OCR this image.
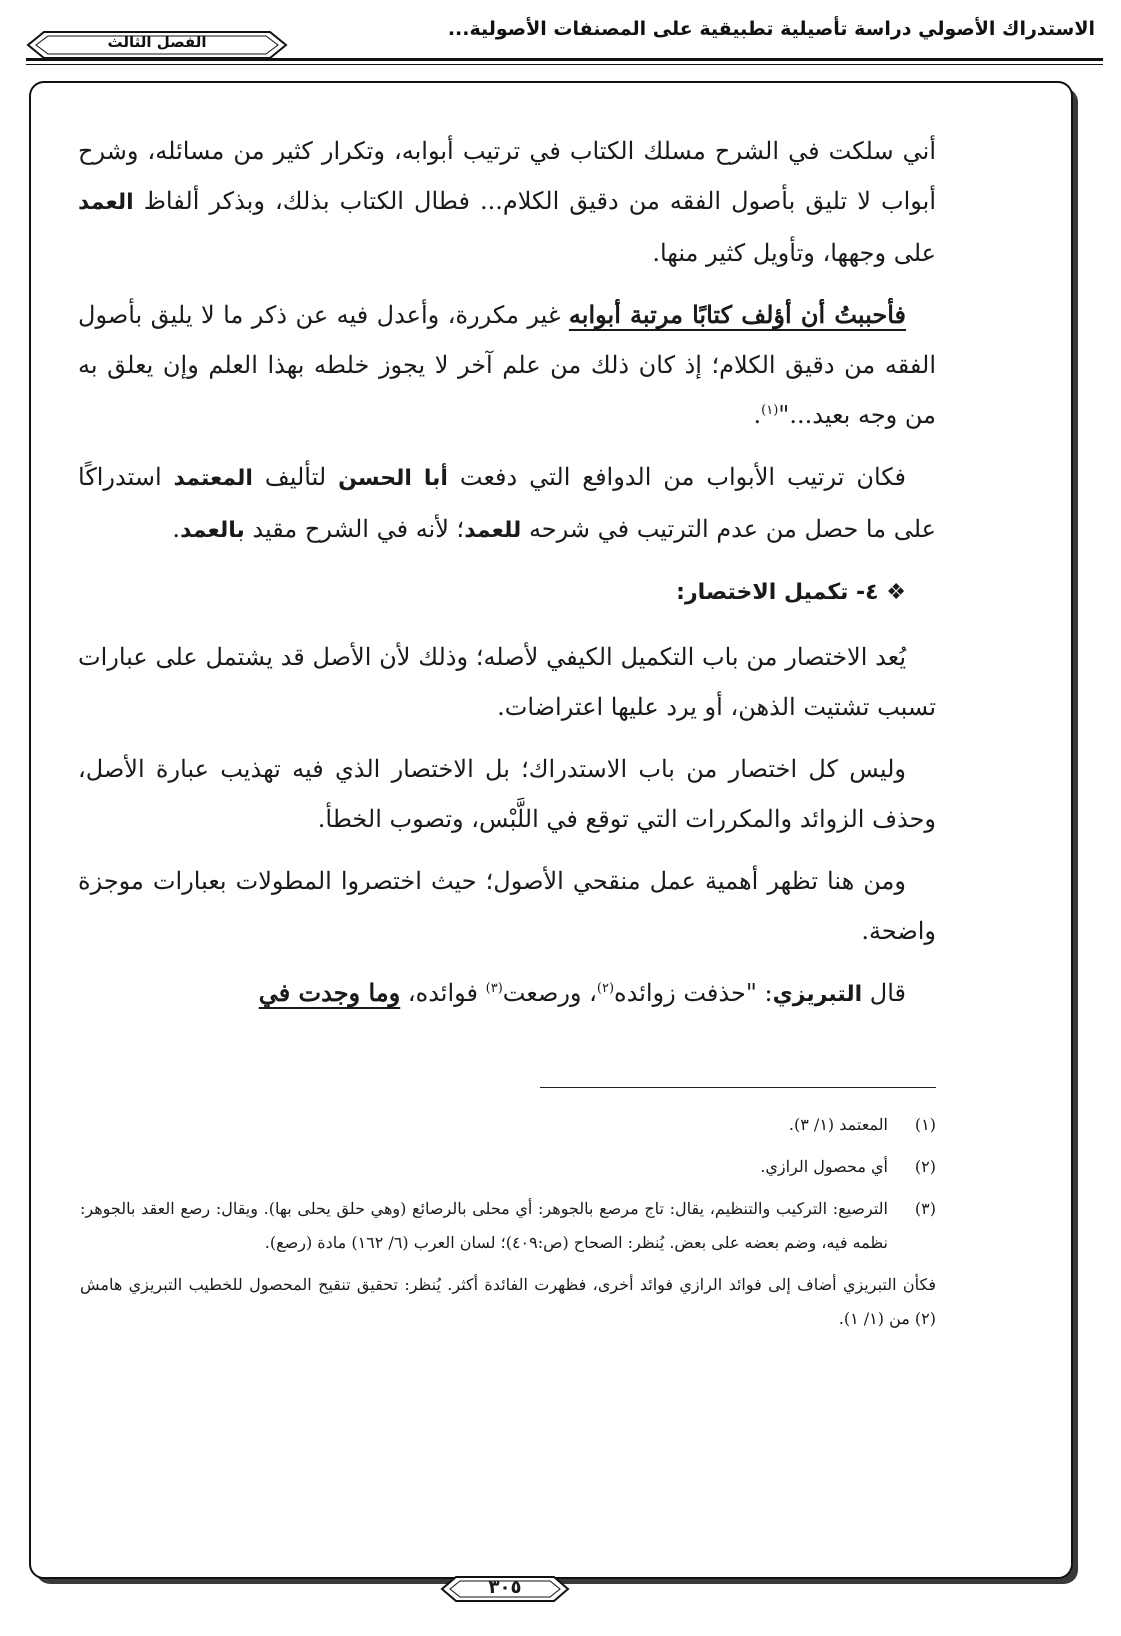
الاستدراك الأصولي دراسة تأصيلية تطبيقية على المصنفات الأصولية...
الفصل الثالث

أني سلكت في الشرح مسلك الكتاب في ترتيب أبوابه، وتكرار كثير من مسائله، وشرح أبواب لا تليق بأصول الفقه من دقيق الكلام... فطال الكتاب بذلك، وبذكر ألفاظ العمد على وجهها، وتأويل كثير منها.

فأحببتُ أن أؤلف كتابًا مرتبة أبوابه غير مكررة، وأعدل فيه عن ذكر ما لا يليق بأصول الفقه من دقيق الكلام؛ إذ كان ذلك من علم آخر لا يجوز خلطه بهذا العلم وإن يعلق به من وجه بعيد..."$^{(١)}$.

فكان ترتيب الأبواب من الدوافع التي دفعت أبا الحسن لتأليف المعتمد استدراكًا على ما حصل من عدم الترتيب في شرحه للعمد؛ لأنه في الشرح مقيد بالعمد.

❖ ٤- تكميل الاختصار:

يُعد الاختصار من باب التكميل الكيفي لأصله؛ وذلك لأن الأصل قد يشتمل على عبارات تسبب تشتيت الذهن، أو يرد عليها اعتراضات.

وليس كل اختصار من باب الاستدراك؛ بل الاختصار الذي فيه تهذيب عبارة الأصل، وحذف الزوائد والمكررات التي توقع في اللَّبْس، وتصوب الخطأ.

ومن هنا تظهر أهمية عمل منقحي الأصول؛ حيث اختصروا المطولات بعبارات موجزة واضحة.

قال التبريزي: "حذفت زوائده$^{(٢)}$، ورصعت$^{(٣)}$ فوائده، وما وجدت في

(١)
المعتمد (١/ ٣).
(٢)
أي محصول الرازي.
(٣)
الترصيع: التركيب والتنظيم، يقال: تاج مرصع بالجوهر: أي محلى بالرصائع (وهي حلق يحلى بها). ويقال: رصع العقد بالجوهر: نظمه فيه، وضم بعضه على بعض. يُنظر: الصحاح (ص:٤٠٩)؛ لسان العرب (٦/ ١٦٢) مادة (رصع).
فكأن التبريزي أضاف إلى فوائد الرازي فوائد أخرى، فظهرت الفائدة أكثر. يُنظر: تحقيق تنقيح المحصول للخطيب التبريزي هامش (٢) من (١/ ١).
٣٠٥
